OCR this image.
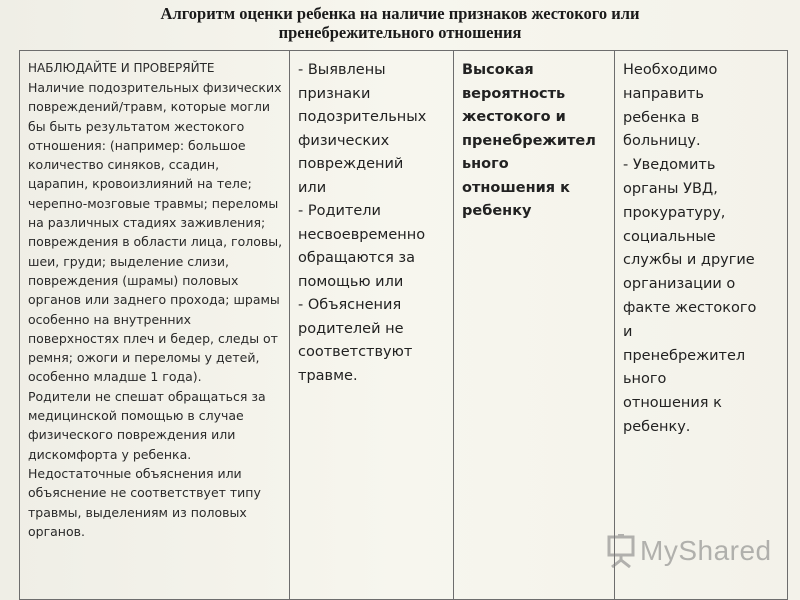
Алгоритм оценки ребенка на наличие признаков жестокого или
пренебрежительного отношения
НАБЛЮДАЙТЕ И ПРОВЕРЯЙТЕ
Наличие подозрительных физических повреждений/травм, которые могли бы быть результатом жестокого отношения: (например: большое количество синяков, ссадин, царапин, кровоизлияний на теле; черепно-мозговые травмы; переломы на различных стадиях заживления; повреждения в области лица, головы, шеи, груди; выделение слизи, повреждения (шрамы) половых органов или заднего прохода; шрамы особенно на внутренних поверхностях плеч и бедер, следы от ремня; ожоги и переломы у детей, особенно младше 1 года).
Родители не спешат обращаться за медицинской помощью в случае физического повреждения или дискомфорта у ребенка.
Недостаточные объяснения или объяснение не соответствует типу травмы, выделениям из половых органов.

- Выявлены
признаки
подозрительных
физических
повреждений
или
- Родители
несвоевременно
обращаются за
помощью или
- Объяснения
родителей не
соответствуют
травме.

Высокая
вероятность
жестокого и
пренебрежител
ьного
отношения к
ребенку

Необходимо
направить
ребенка в
больницу.
- Уведомить
органы УВД,
прокуратуру,
социальные
службы и другие
организации о
факте жестокого
и
пренебрежител
ьного
отношения к
ребенку.
MyShared
